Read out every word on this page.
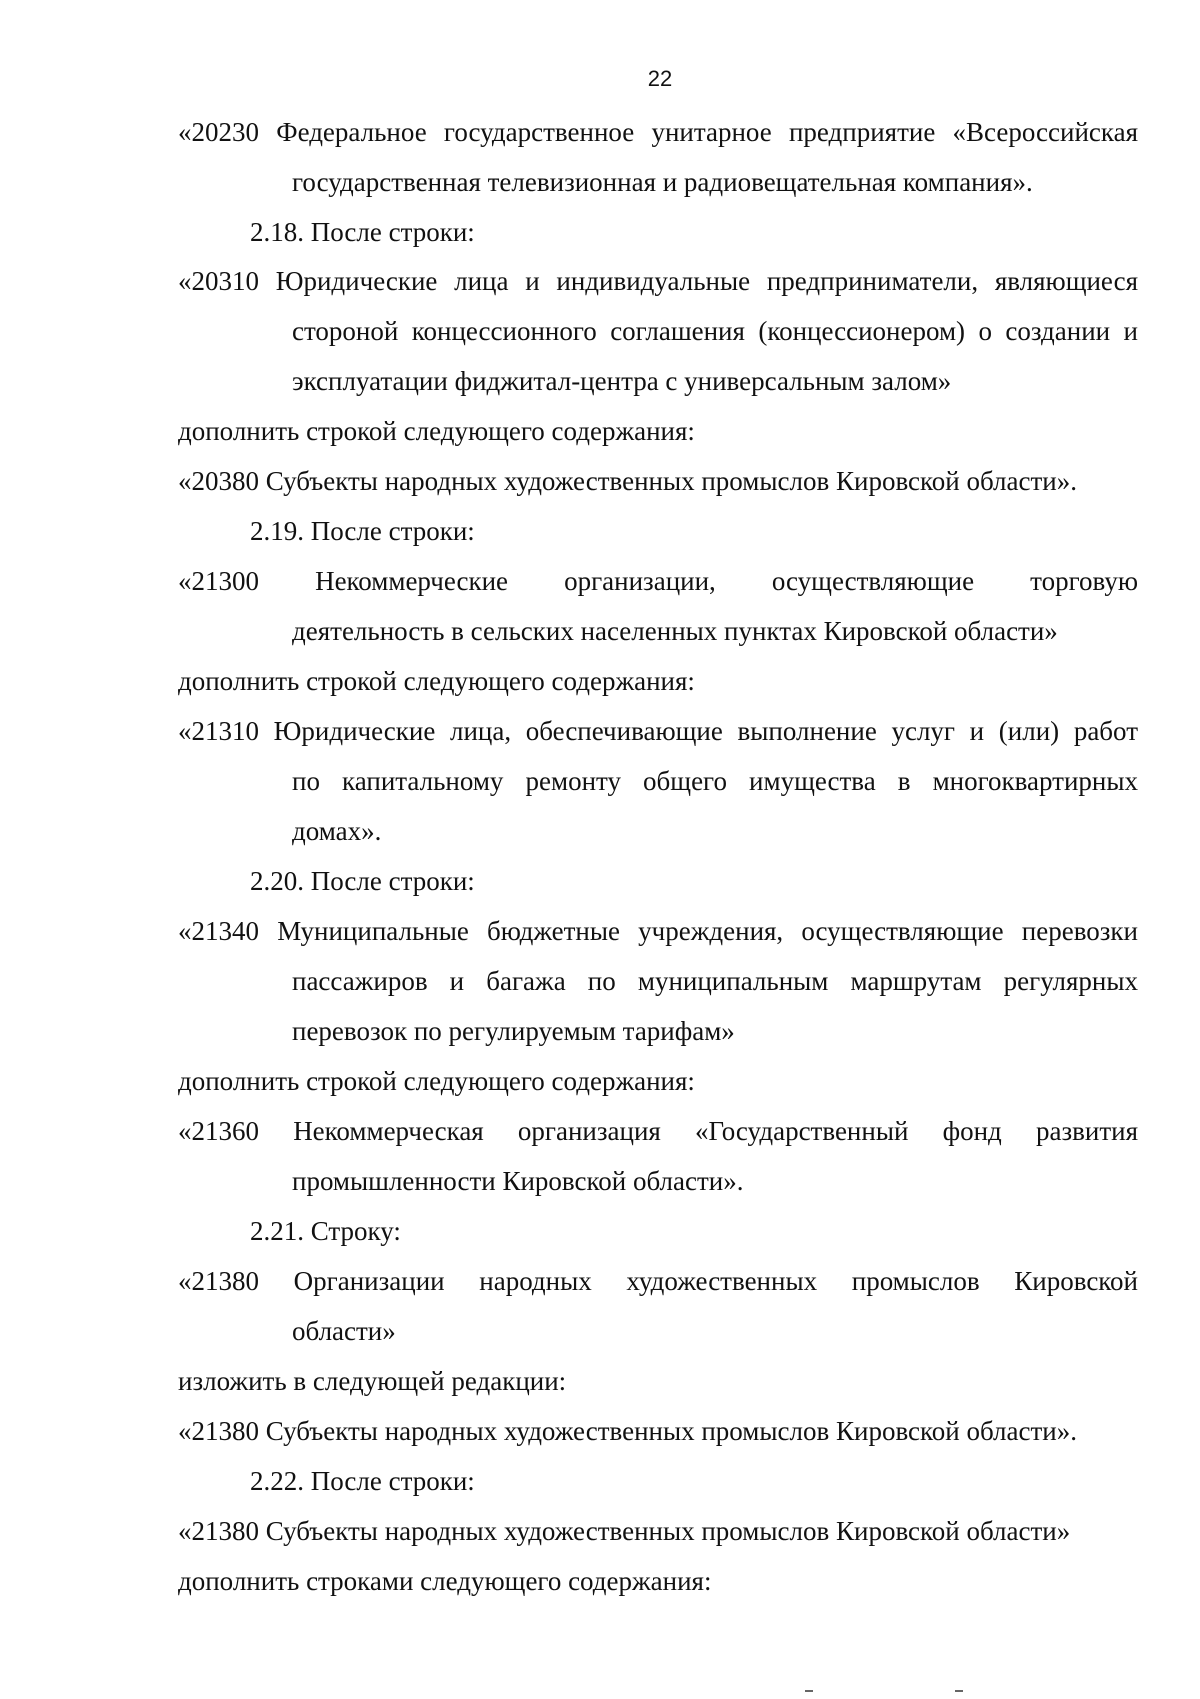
22
«20230 Федеральное государственное унитарное предприятие «Всероссийская
государственная телевизионная и радиовещательная компания».
2.18. После строки:
«20310 Юридические лица и индивидуальные предприниматели, являющиеся
стороной концессионного соглашения (концессионером) о создании и
эксплуатации фиджитал-центра с универсальным залом»
дополнить строкой следующего содержания:
«20380 Субъекты народных художественных промыслов Кировской области».
2.19. После строки:
«21300 Некоммерческие организации, осуществляющие торговую
деятельность в сельских населенных пунктах Кировской области»
дополнить строкой следующего содержания:
«21310 Юридические лица, обеспечивающие выполнение услуг и (или) работ
по капитальному ремонту общего имущества в многоквартирных
домах».
2.20. После строки:
«21340 Муниципальные бюджетные учреждения, осуществляющие перевозки
пассажиров и багажа по муниципальным маршрутам регулярных
перевозок по регулируемым тарифам»
дополнить строкой следующего содержания:
«21360 Некоммерческая организация «Государственный фонд развития
промышленности Кировской области».
2.21. Строку:
«21380 Организации народных художественных промыслов Кировской
области»
изложить в следующей редакции:
«21380 Субъекты народных художественных промыслов Кировской области».
2.22. После строки:
«21380 Субъекты народных художественных промыслов Кировской области»
дополнить строками следующего содержания:
